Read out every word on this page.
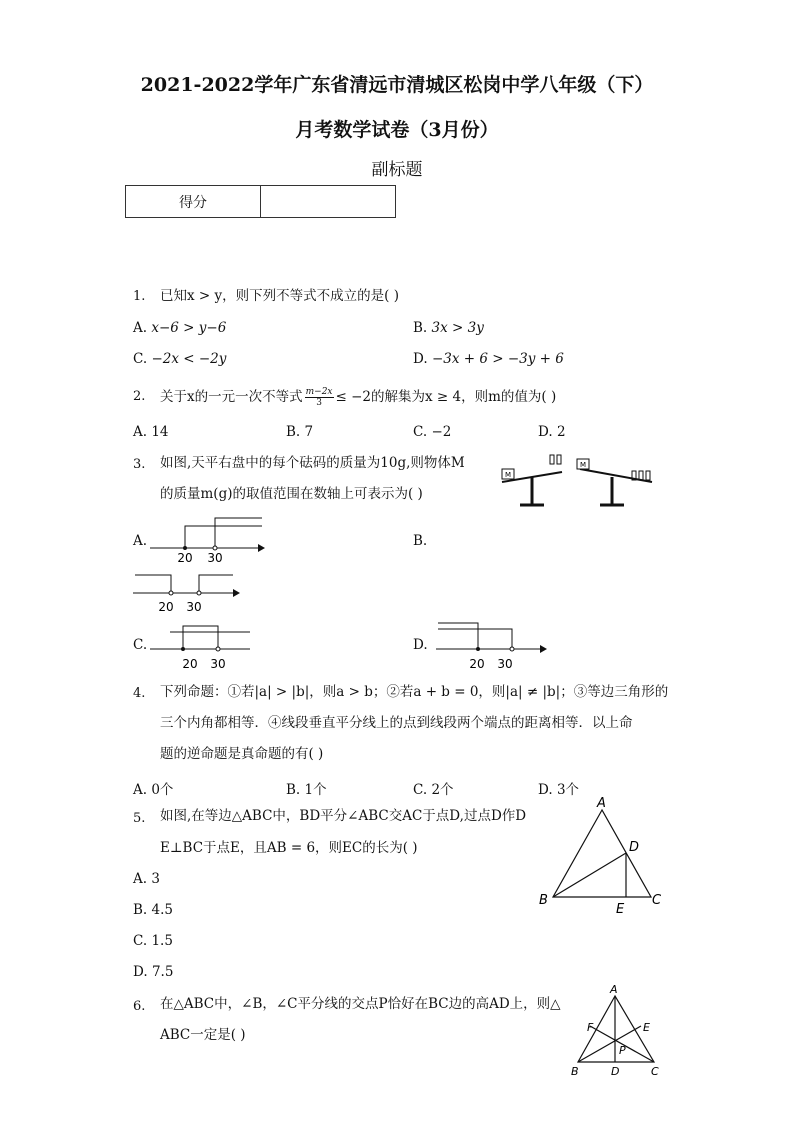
2021-2022学年广东省清远市清城区松岗中学八年级（下）
月考数学试卷（3月份）
副标题
得分	
1. 已知x > y，则下列不等式不成立的是( )
A. x−6 > y−6	B. 3x > 3y
C. −2x < −2y	D. −3x + 6 > −3y + 6
2. 关于x的一元一次不等式 $\frac{m-2x}{3} \le -2$的解集为x ≥ 4，则m的值为( )
A. 14	B. 7	C. −2	D. 2
3. 如图,天平右盘中的每个砝码的质量为10g,则物体M
的质量m(g)的取值范围在数轴上可表示为( )
M
M
A.
20 30
B.
20 30
C.
20 30
D.
20 30
4. 下列命题：①若|a| > |b|，则a > b；②若a + b = 0，则|a| ≠ |b|；③等边三角形的
三个内角都相等．④线段垂直平分线上的点到线段两个端点的距离相等．以上命
题的逆命题是真命题的有( )
A. 0个	B. 1个	C. 2个	D. 3个
5. 如图,在等边△ABC中，BD平分∠ABC交AC于点D,过点D作D
E⊥BC于点E，且AB = 6，则EC的长为( )
A. 3
B. 4.5
C. 1.5
D. 7.5
A
D
B
E
C
6. 在△ABC中，∠B，∠C平分线的交点P恰好在BC边的高AD上，则△
ABC一定是( )
A
F	E
P
B	D	C
